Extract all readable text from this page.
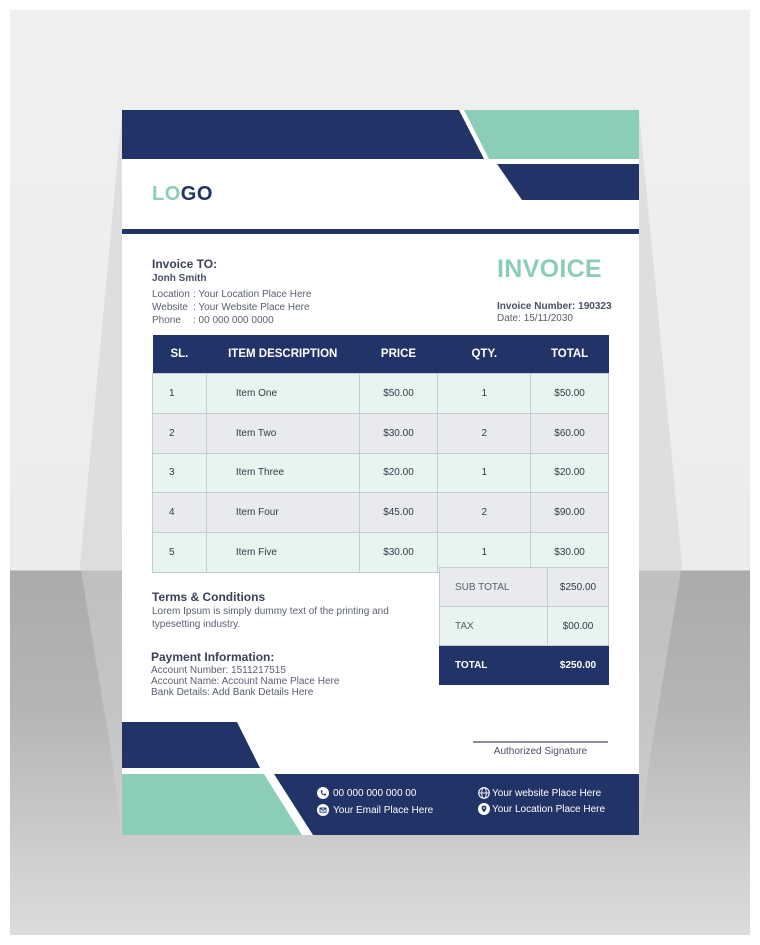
LOGO
Invoice TO:
Jonh Smith
Location : Your Location Place Here
Website : Your Website Place Here
Phone : 00 000 000 0000
INVOICE
Invoice Number: 190323
Date: 15/11/2030
SL.	ITEM DESCRIPTION	PRICE	QTY.	TOTAL
1	Item One	$50.00	1	$50.00
2	Item Two	$30.00	2	$60.00
3	Item Three	$20.00	1	$20.00
4	Item Four	$45.00	2	$90.00
5	Item Five	$30.00	1	$30.00
SUB TOTAL	$250.00
TAX	$00.00
TOTAL	$250.00
Terms & Conditions
Lorem Ipsum is simply dummy text of the printing and typesetting industry.
Payment Information:
Account Number: 1511217515
Account Name: Account Name Place Here
Bank Details: Add Bank Details Here
Authorized Signature
00 000 000 000 00
Your Email Place Here
Your website Place Here
Your Location Place Here
